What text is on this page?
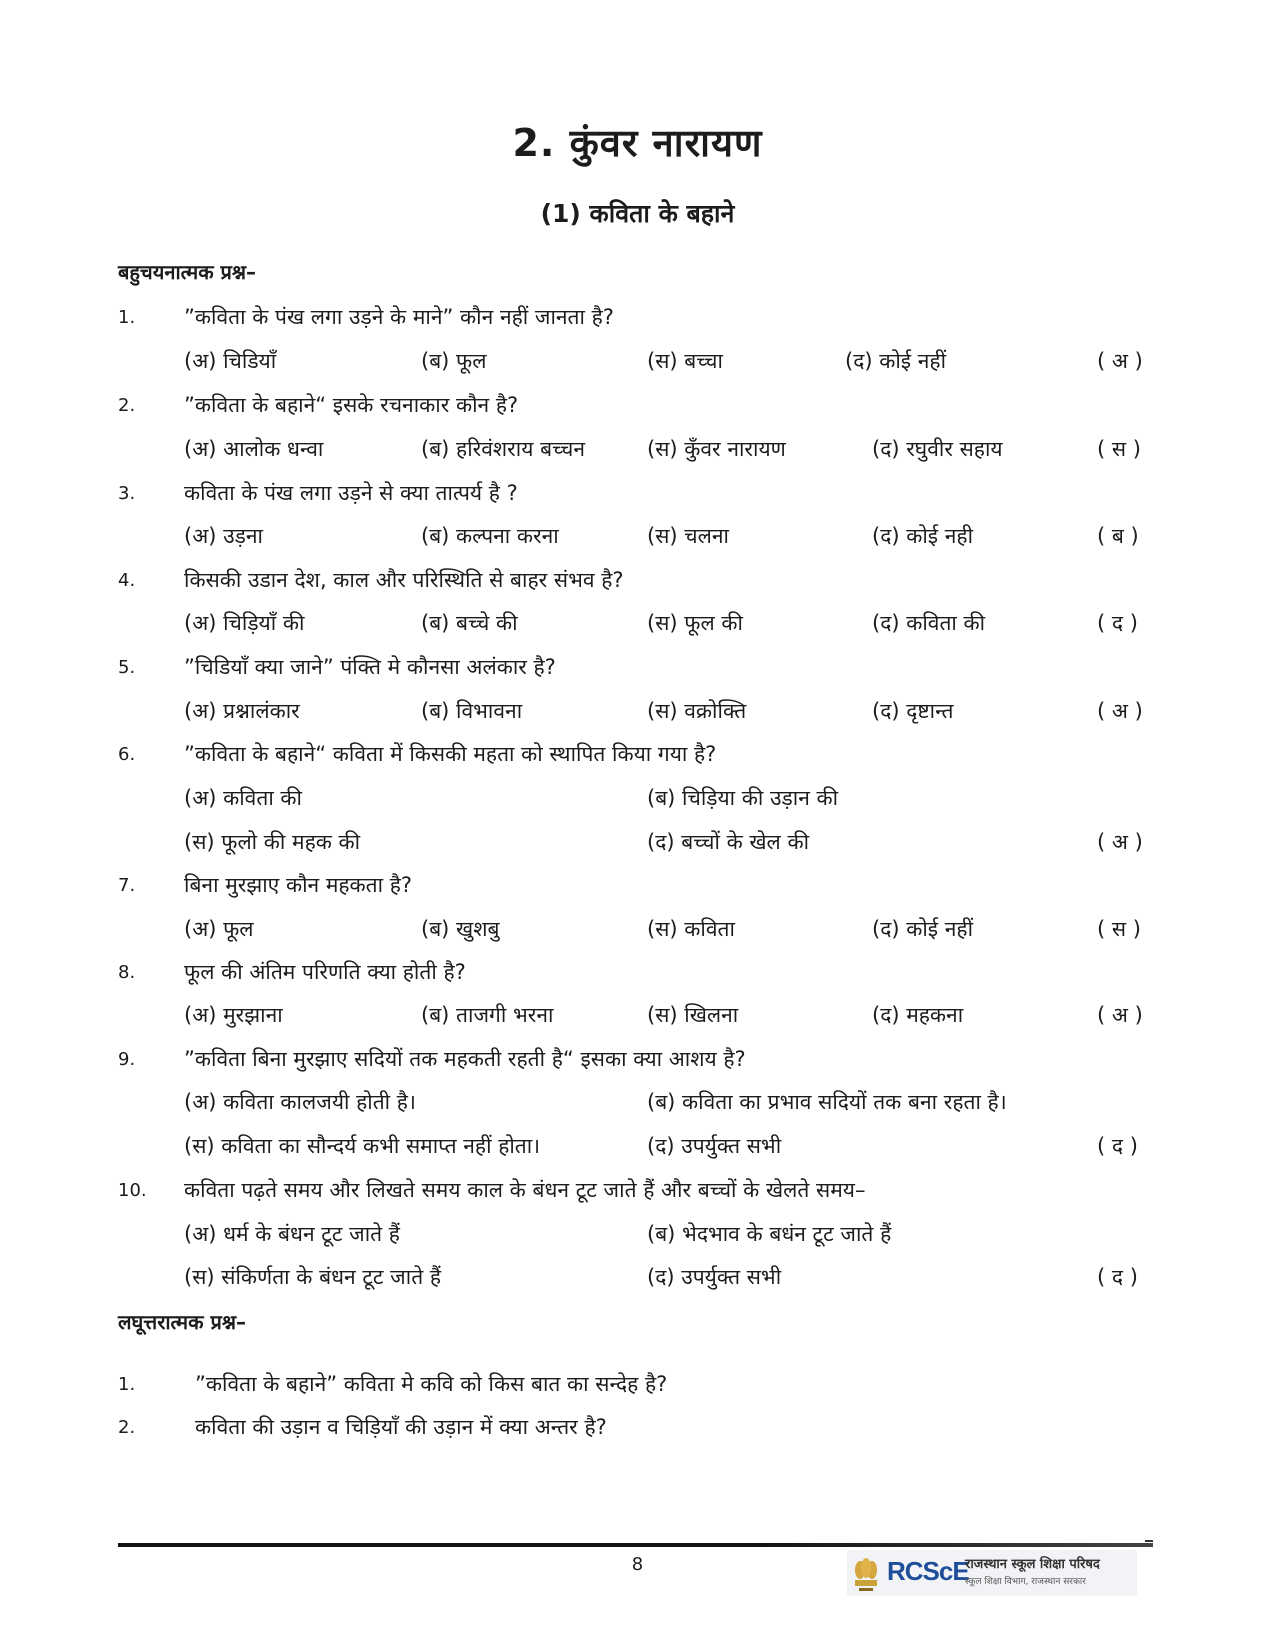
2. कुंवर नारायण
(1) कविता के बहाने
बहुचयनात्मक प्रश्न–
1. ”कविता के पंख लगा उड़ने के माने” कौन नहीं जानता है?
(अ) चिडियाँ	(ब) फूल	(स) बच्चा	(द) कोई नहीं	( अ )
2. ”कविता के बहाने“ इसके रचनाकार कौन है?
(अ) आलोक धन्वा	(ब) हरिवंशराय बच्चन	(स) कुँवर नारायण	(द) रघुवीर सहाय	( स )
3. कविता के पंख लगा उड़ने से क्या तात्पर्य है ?
(अ) उड़ना	(ब) कल्पना करना	(स) चलना	(द) कोई नही	( ब )
4. किसकी उडान देश, काल और परिस्थिति से बाहर संभव है?
(अ) चिड़ियाँ की	(ब) बच्चे की	(स) फूल की	(द) कविता की	( द )
5. ”चिडियाँ क्या जाने” पंक्ति मे कौनसा अलंकार है?
(अ) प्रश्नालंकार	(ब) विभावना	(स) वक्रोक्ति	(द) दृष्टान्त	( अ )
6. ”कविता के बहाने“ कविता में किसकी महता को स्थापित किया गया है?
(अ) कविता की	(ब) चिड़िया की उड़ान की
(स) फूलो की महक की	(द) बच्चों के खेल की	( अ )
7. बिना मुरझाए कौन महकता है?
(अ) फूल	(ब) खुशबु	(स) कविता	(द) कोई नहीं	( स )
8. फूल की अंतिम परिणति क्या होती है?
(अ) मुरझाना	(ब) ताजगी भरना	(स) खिलना	(द) महकना	( अ )
9. ”कविता बिना मुरझाए सदियों तक महकती रहती है“ इसका क्या आशय है?
(अ) कविता कालजयी होती है।	(ब) कविता का प्रभाव सदियों तक बना रहता है।
(स) कविता का सौन्दर्य कभी समाप्त नहीं होता।	(द) उपर्युक्त सभी	( द )
10. कविता पढ़ते समय और लिखते समय काल के बंधन टूट जाते हैं और बच्चों के खेलते समय–
(अ) धर्म के बंधन टूट जाते हैं	(ब) भेदभाव के बधंन टूट जाते हैं
(स) संकिर्णता के बंधन टूट जाते हैं	(द) उपर्युक्त सभी	( द )
लघूत्तरात्मक प्रश्न–
1.	”कविता के बहाने” कविता मे कवि को किस बात का सन्देह है?
2.	कविता की उड़ान व चिड़ियाँ की उड़ान में क्या अन्तर है?
8	RCScE
राजस्थान स्कूल शिक्षा परिषद
स्कूल शिक्षा विभाग, राजस्थान सरकार
